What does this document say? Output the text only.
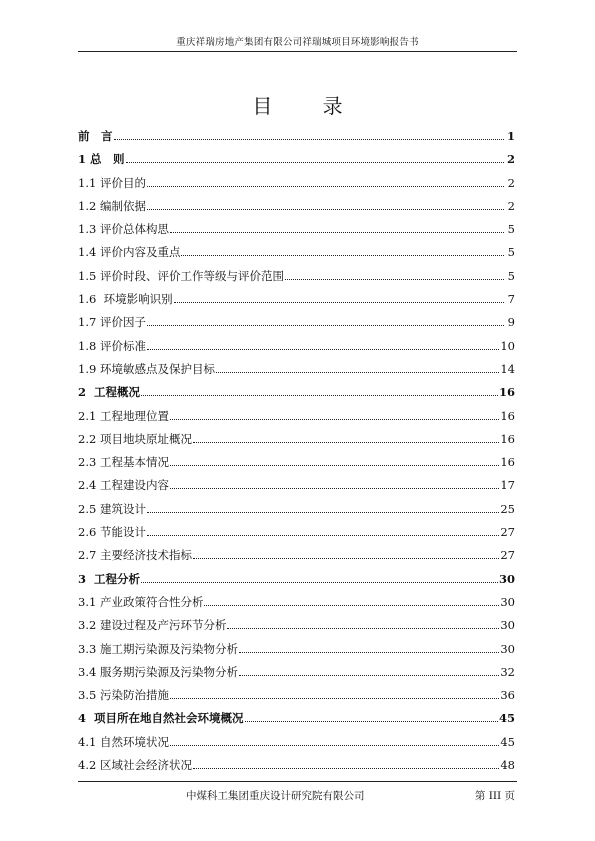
重庆祥瑞房地产集团有限公司祥瑞城项目环境影响报告书
目 录
前　言	1
1 总　则	2
1.1 评价目的	2
1.2 编制依据	2
1.3 评价总体构思	5
1.4 评价内容及重点	5
1.5 评价时段、评价工作等级与评价范围	5
1.6  环境影响识别	7
1.7 评价因子	9
1.8 评价标准	10
1.9 环境敏感点及保护目标	14
2  工程概况	16
2.1 工程地理位置	16
2.2 项目地块原址概况	16
2.3 工程基本情况	16
2.4 工程建设内容	17
2.5 建筑设计	25
2.6 节能设计	27
2.7 主要经济技术指标	27
3  工程分析	30
3.1 产业政策符合性分析	30
3.2 建设过程及产污环节分析	30
3.3 施工期污染源及污染物分析	30
3.4 服务期污染源及污染物分析	32
3.5 污染防治措施	36
4  项目所在地自然社会环境概况	45
4.1 自然环境状况	45
4.2 区域社会经济状况	48
中煤科工集团重庆设计研究院有限公司	第 III 页
